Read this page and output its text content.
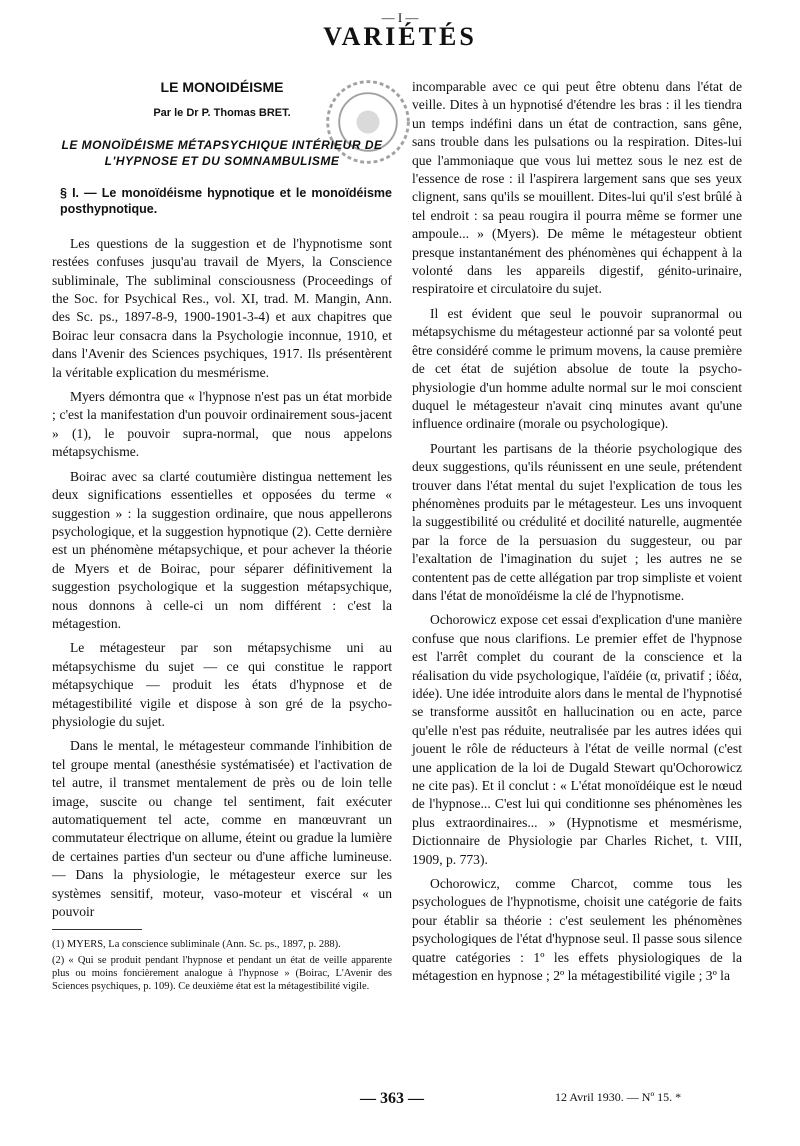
— I —
VARIÉTÉS
LE MONOIDÉISME
Par le Dr P. Thomas BRET.
LE MONOÏDÉISME MÉTAPSYCHIQUE INTÉRIEUR DE
L'HYPNOSE ET DU SOMNAMBULISME
§ I. — Le monoïdéisme hypnotique et le monoïdéisme posthypnotique.

Les questions de la suggestion et de l'hypnotisme sont restées confuses jusqu'au travail de Myers, la Conscience subliminale, The subliminal consciousness (Proceedings of the Soc. for Psychical Res., vol. XI, trad. M. Mangin, Ann. des Sc. ps., 1897-8-9, 1900-1901-3-4) et aux chapitres que Boirac leur consacra dans la Psychologie inconnue, 1910, et dans l'Avenir des Sciences psychiques, 1917. Ils présentèrent la véritable explication du mesmérisme.

Myers démontra que « l'hypnose n'est pas un état morbide ; c'est la manifestation d'un pouvoir ordinairement sous-jacent » (1), le pouvoir supra-normal, que nous appelons métapsychisme.

Boirac avec sa clarté coutumière distingua nettement les deux significations essentielles et opposées du terme « suggestion » : la suggestion ordinaire, que nous appellerons psychologique, et la suggestion hypnotique (2). Cette dernière est un phénomène métapsychique, et pour achever la théorie de Myers et de Boirac, pour séparer définitivement la suggestion psychologique et la suggestion métapsychique, nous donnons à celle-ci un nom différent : c'est la métagestion.

Le métagesteur par son métapsychisme uni au métapsychisme du sujet — ce qui constitue le rapport métapsychique — produit les états d'hypnose et de métagestibilité vigile et dispose à son gré de la psycho-physiologie du sujet.

Dans le mental, le métagesteur commande l'inhibition de tel groupe mental (anesthésie systématisée) et l'activation de tel autre, il transmet mentalement de près ou de loin telle image, suscite ou change tel sentiment, fait exécuter automatiquement tel acte, comme en manœuvrant un commutateur électrique on allume, éteint ou gradue la lumière de certaines parties d'un secteur ou d'une affiche lumineuse. — Dans la physiologie, le métagesteur exerce sur les systèmes sensitif, moteur, vaso-moteur et viscéral « un pouvoir

(1) MYERS, La conscience subliminale (Ann. Sc. ps., 1897, p. 288).

(2) « Qui se produit pendant l'hypnose et pendant un état de veille apparente plus ou moins foncièrement analogue à l'hypnose » (Boirac, L'Avenir des Sciences psychiques, p. 109). Ce deuxième état est la métagestibilité vigile.

incomparable avec ce qui peut être obtenu dans l'état de veille. Dites à un hypnotisé d'étendre les bras : il les tiendra un temps indéfini dans un état de contraction, sans gêne, sans trouble dans les pulsations ou la respiration. Dites-lui que l'ammoniaque que vous lui mettez sous le nez est de l'essence de rose : il l'aspirera largement sans que ses yeux clignent, sans qu'ils se mouillent. Dites-lui qu'il s'est brûlé à tel endroit : sa peau rougira il pourra même se former une ampoule... » (Myers). De même le métagesteur obtient presque instantanément des phénomènes qui échappent à la volonté dans les appareils digestif, génito-urinaire, respiratoire et circulatoire du sujet.

Il est évident que seul le pouvoir supranormal ou métapsychisme du métagesteur actionné par sa volonté peut être considéré comme le primum movens, la cause première de cet état de sujétion absolue de toute la psycho-physiologie d'un homme adulte normal sur le moi conscient duquel le métagesteur n'avait cinq minutes avant qu'une influence ordinaire (morale ou psychologique).

Pourtant les partisans de la théorie psychologique des deux suggestions, qu'ils réunissent en une seule, prétendent trouver dans l'état mental du sujet l'explication de tous les phénomènes produits par le métagesteur. Les uns invoquent la suggestibilité ou crédulité et docilité naturelle, augmentée par la force de la persuasion du suggesteur, ou par l'exaltation de l'imagination du sujet ; les autres ne se contentent pas de cette allégation par trop simpliste et voient dans l'état de monoïdéisme la clé de l'hypnotisme.

Ochorowicz expose cet essai d'explication d'une manière confuse que nous clarifions. Le premier effet de l'hypnose est l'arrêt complet du courant de la conscience et la réalisation du vide psychologique, l'aïdéie (α, privatif ; ἰδέα, idée). Une idée introduite alors dans le mental de l'hypnotisé se transforme aussitôt en hallucination ou en acte, parce qu'elle n'est pas réduite, neutralisée par les autres idées qui jouent le rôle de réducteurs à l'état de veille normal (c'est une application de la loi de Dugald Stewart qu'Ochorowicz ne cite pas). Et il conclut : « L'état monoïdéique est le nœud de l'hypnose... C'est lui qui conditionne ses phénomènes les plus extraordinaires... » (Hypnotisme et mesmérisme, Dictionnaire de Physiologie par Charles Richet, t. VIII, 1909, p. 773).

Ochorowicz, comme Charcot, comme tous les psychologues de l'hypnotisme, choisit une catégorie de faits pour établir sa théorie : c'est seulement les phénomènes psychologiques de l'état d'hypnose seul. Il passe sous silence quatre catégories : 1º les effets physiologiques de la métagestion en hypnose ; 2º la métagestibilité vigile ; 3º la

— 363 —	12 Avril 1930. — Nº 15. *
